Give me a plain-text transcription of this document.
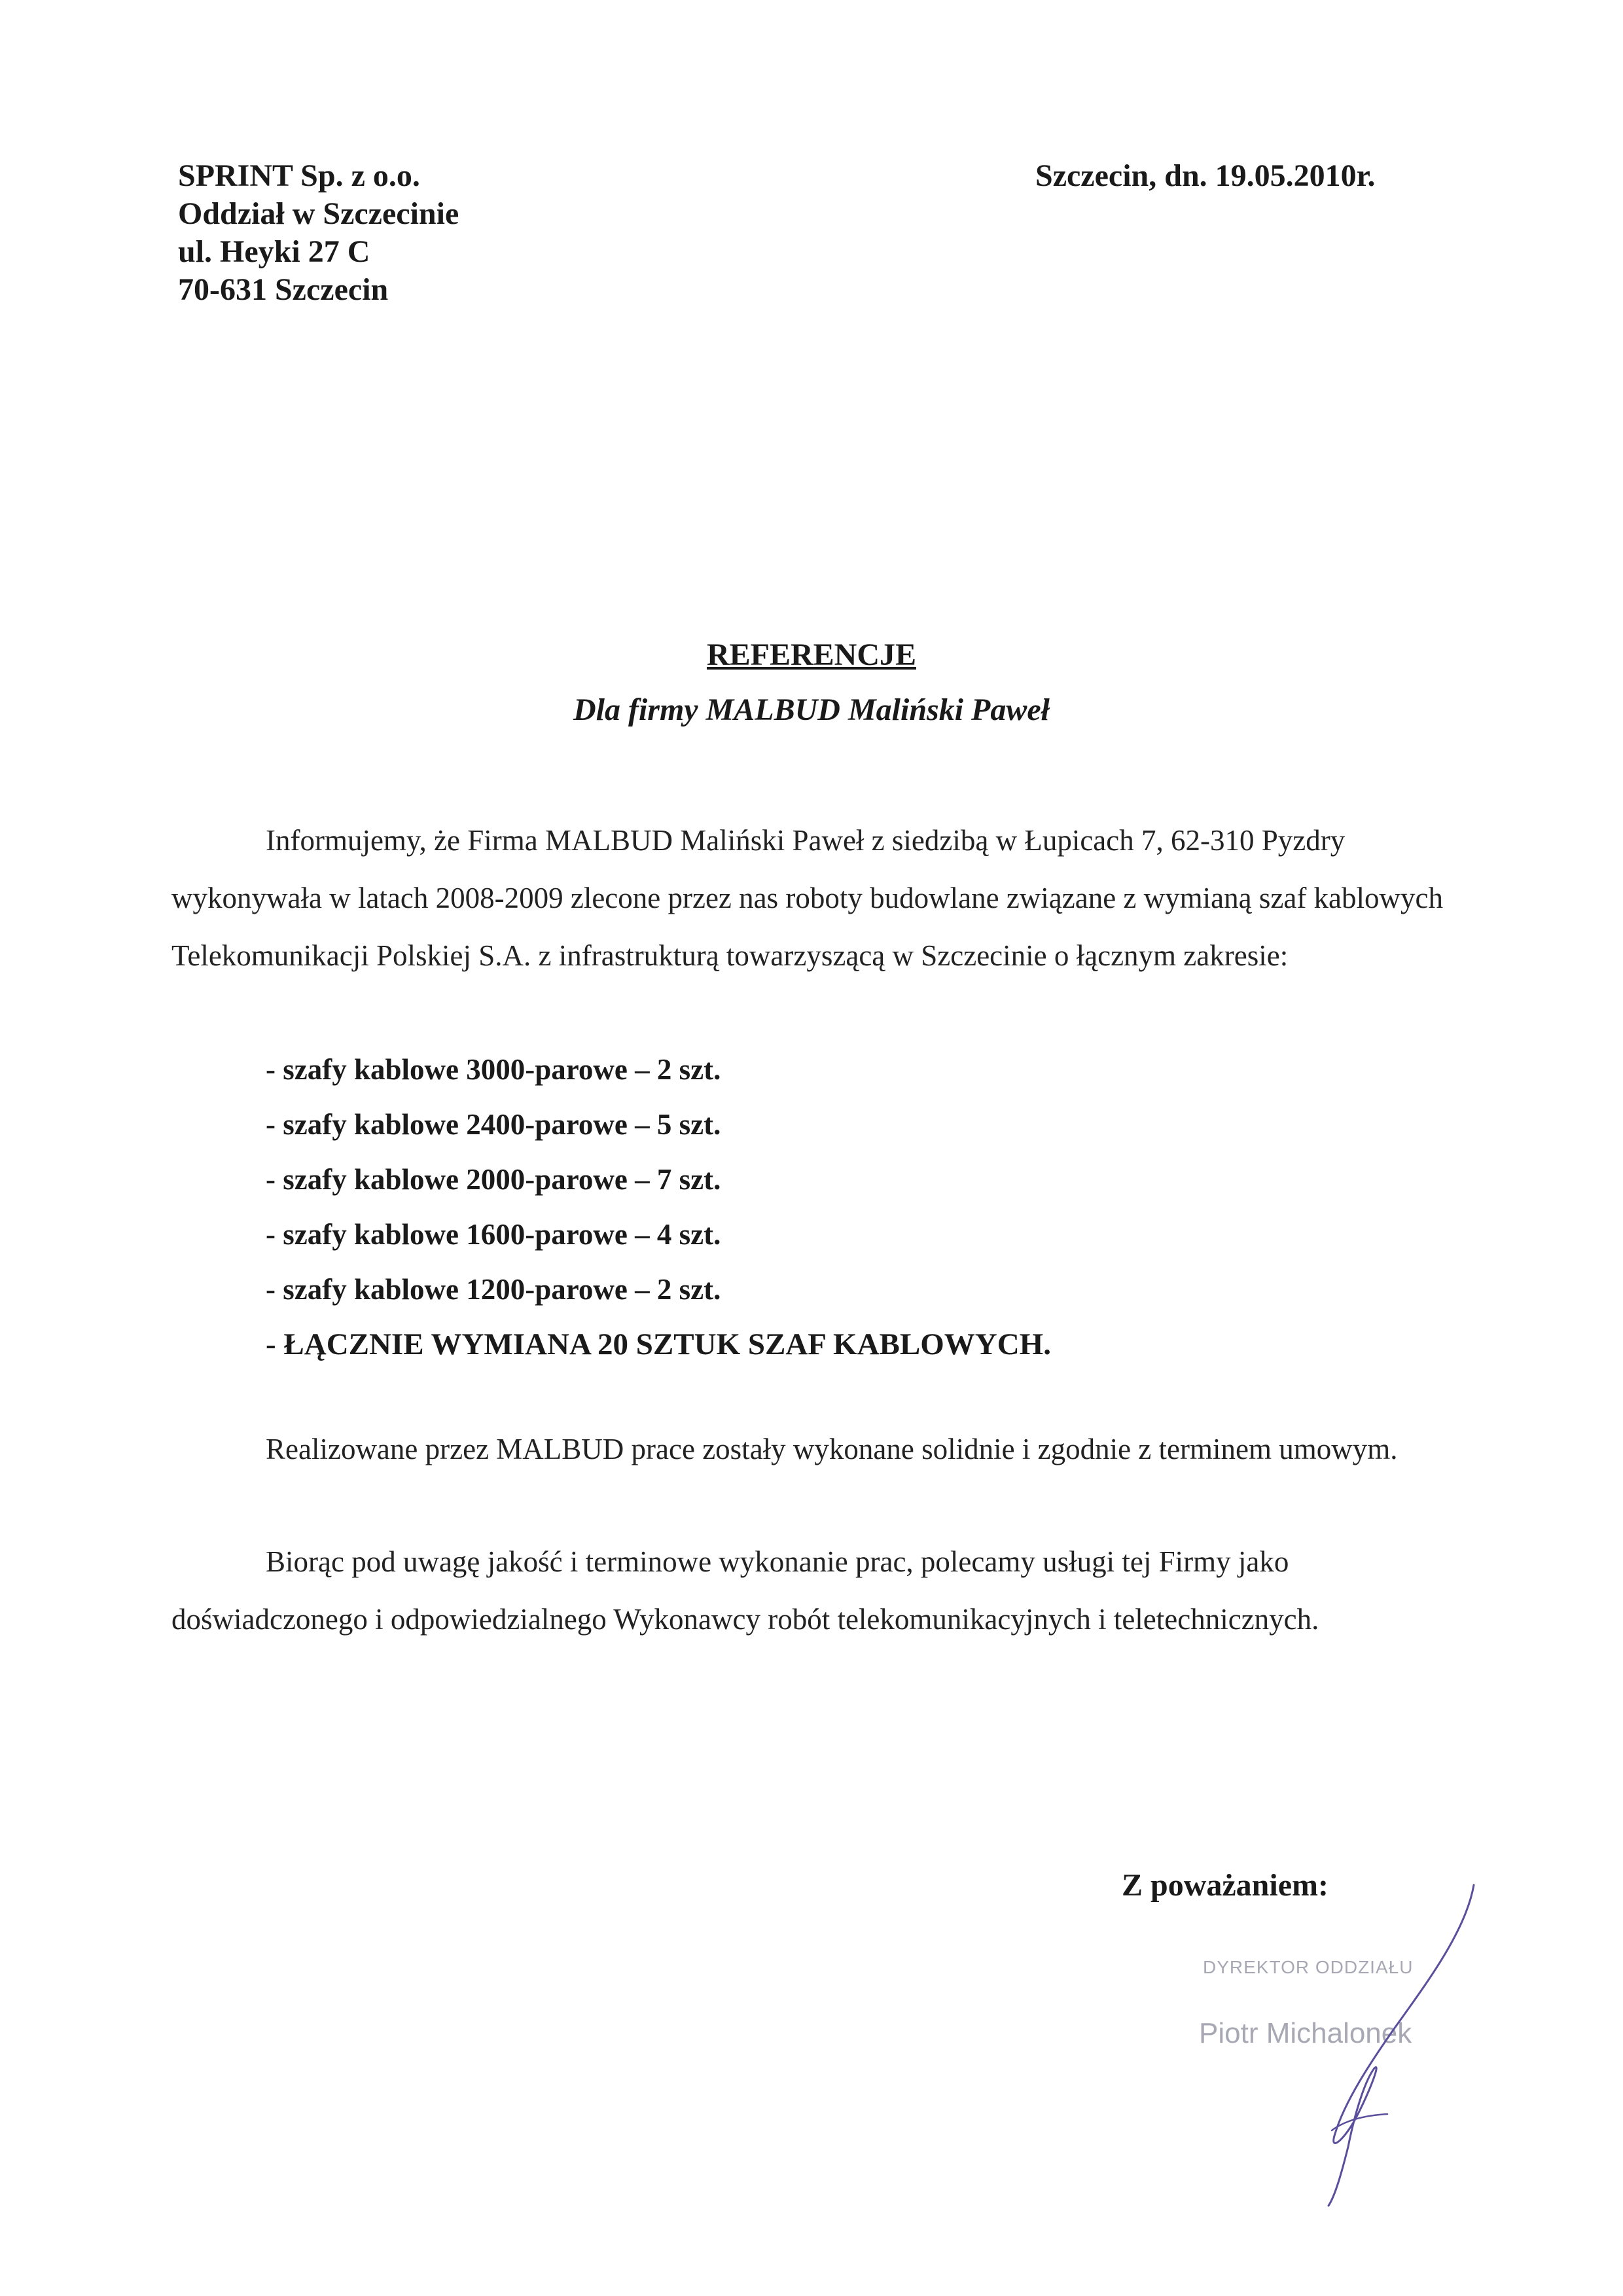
SPRINT Sp. z o.o.
Oddział w Szczecinie
ul. Heyki 27 C
70-631 Szczecin
Szczecin, dn. 19.05.2010r.
REFERENCJE
Dla firmy MALBUD Maliński Paweł
Informujemy, że Firma MALBUD Maliński Paweł z siedzibą w Łupicach 7, 62-310 Pyzdry wykonywała w latach 2008-2009 zlecone przez nas roboty budowlane związane z wymianą szaf kablowych Telekomunikacji Polskiej S.A. z infrastrukturą towarzyszącą w Szczecinie o łącznym zakresie:
- szafy kablowe 3000-parowe – 2 szt.
- szafy kablowe 2400-parowe – 5 szt.
- szafy kablowe 2000-parowe – 7 szt.
- szafy kablowe 1600-parowe – 4 szt.
- szafy kablowe 1200-parowe – 2 szt.
- ŁĄCZNIE WYMIANA 20 SZTUK SZAF KABLOWYCH.
Realizowane przez MALBUD prace zostały wykonane solidnie i zgodnie z terminem umowym.
Biorąc pod uwagę jakość i terminowe wykonanie prac, polecamy usługi tej Firmy jako doświadczonego i odpowiedzialnego Wykonawcy robót telekomunikacyjnych i teletechnicznych.
Z poważaniem:
DYREKTOR ODDZIAŁU
Piotr Michalonek
